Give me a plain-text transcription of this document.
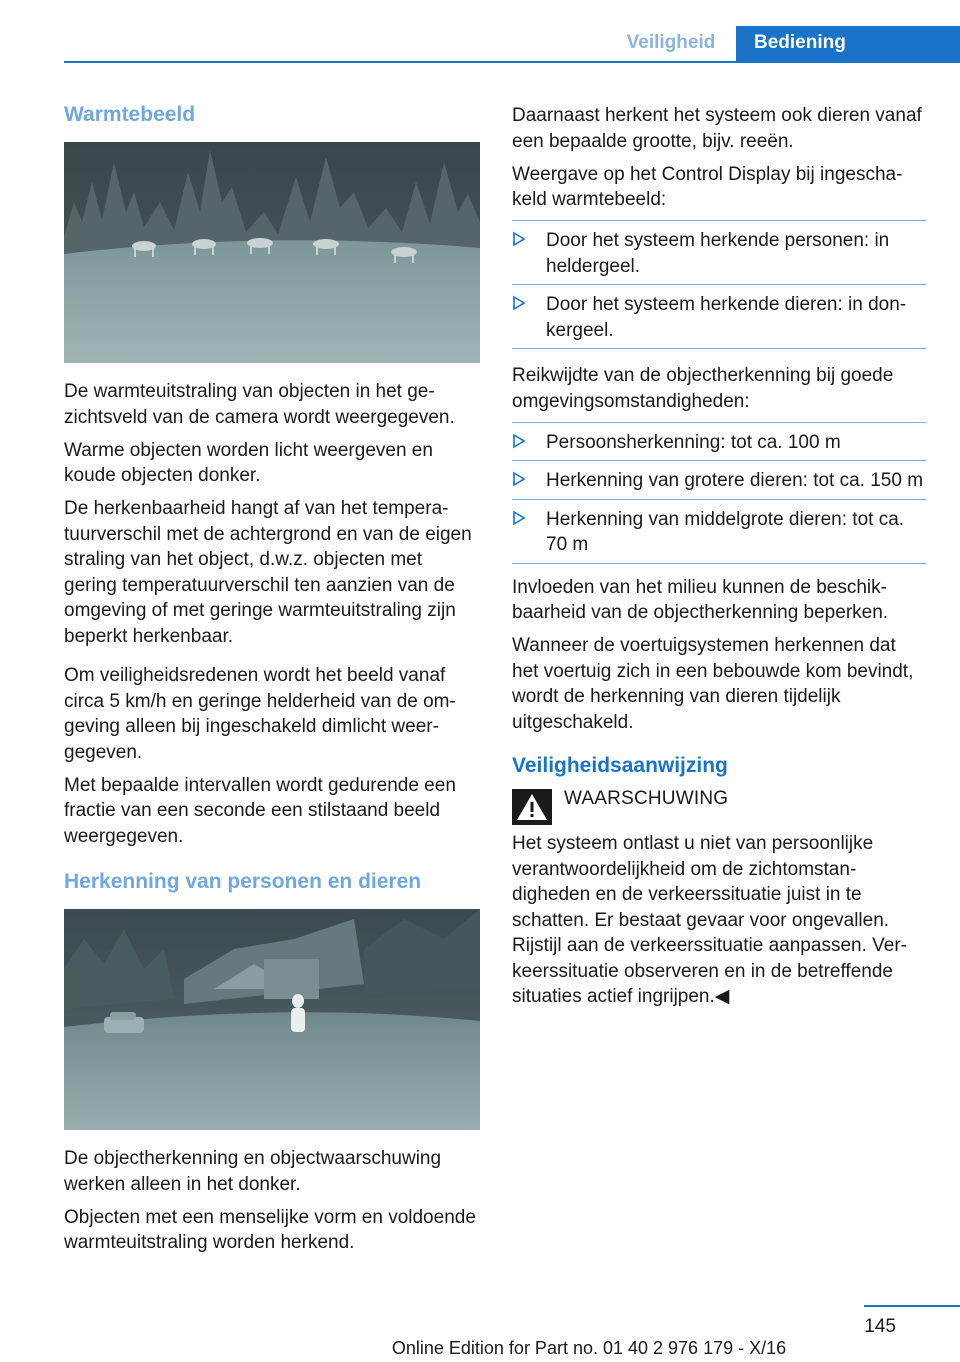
Veiligheid	Bediening
Warmtebeeld

De warmteuitstraling van objecten in het gezichtsveld van de camera wordt weergegeven.

Warme objecten worden licht weergeven en koude objecten donker.

De herkenbaarheid hangt af van het temperatuurverschil met de achtergrond en van de eigen straling van het object, d.w.z. objecten met gering temperatuurverschil ten aanzien van de omgeving of met geringe warmteuitstraling zijn beperkt herkenbaar.

Om veiligheidsredenen wordt het beeld vanaf circa 5 km/h en geringe helderheid van de omgeving alleen bij ingeschakeld dimlicht weergegeven.

Met bepaalde intervallen wordt gedurende een fractie van een seconde een stilstaand beeld weergegeven.

Herkenning van personen en dieren

De objectherkenning en objectwaarschuwing werken alleen in het donker.

Objecten met een menselijke vorm en voldoende warmteuitstraling worden herkend.

Daarnaast herkent het systeem ook dieren vanaf een bepaalde grootte, bijv. reeën.

Weergave op het Control Display bij ingeschakeld warmtebeeld:

Door het systeem herkende personen: in heldergeel.
Door het systeem herkende dieren: in donkergeel.

Reikwijdte van de objectherkenning bij goede omgevingsomstandigheden:

Persoonsherkenning: tot ca. 100 m
Herkenning van grotere dieren: tot ca. 150 m
Herkenning van middelgrote dieren: tot ca. 70 m

Invloeden van het milieu kunnen de beschikbaarheid van de objectherkenning beperken.

Wanneer de voertuigsystemen herkennen dat het voertuig zich in een bebouwde kom bevindt, wordt de herkenning van dieren tijdelijk uitgeschakeld.

Veiligheidsaanwijzing
WAARSCHUWING

Het systeem ontlast u niet van persoonlijke verantwoordelijkheid om de zichtomstandigheden en de verkeerssituatie juist in te schatten. Er bestaat gevaar voor ongevallen. Rijstijl aan de verkeerssituatie aanpassen. Verkeerssituatie observeren en in de betreffende situaties actief ingrijpen.◀

145
Online Edition for Part no. 01 40 2 976 179 - X/16
